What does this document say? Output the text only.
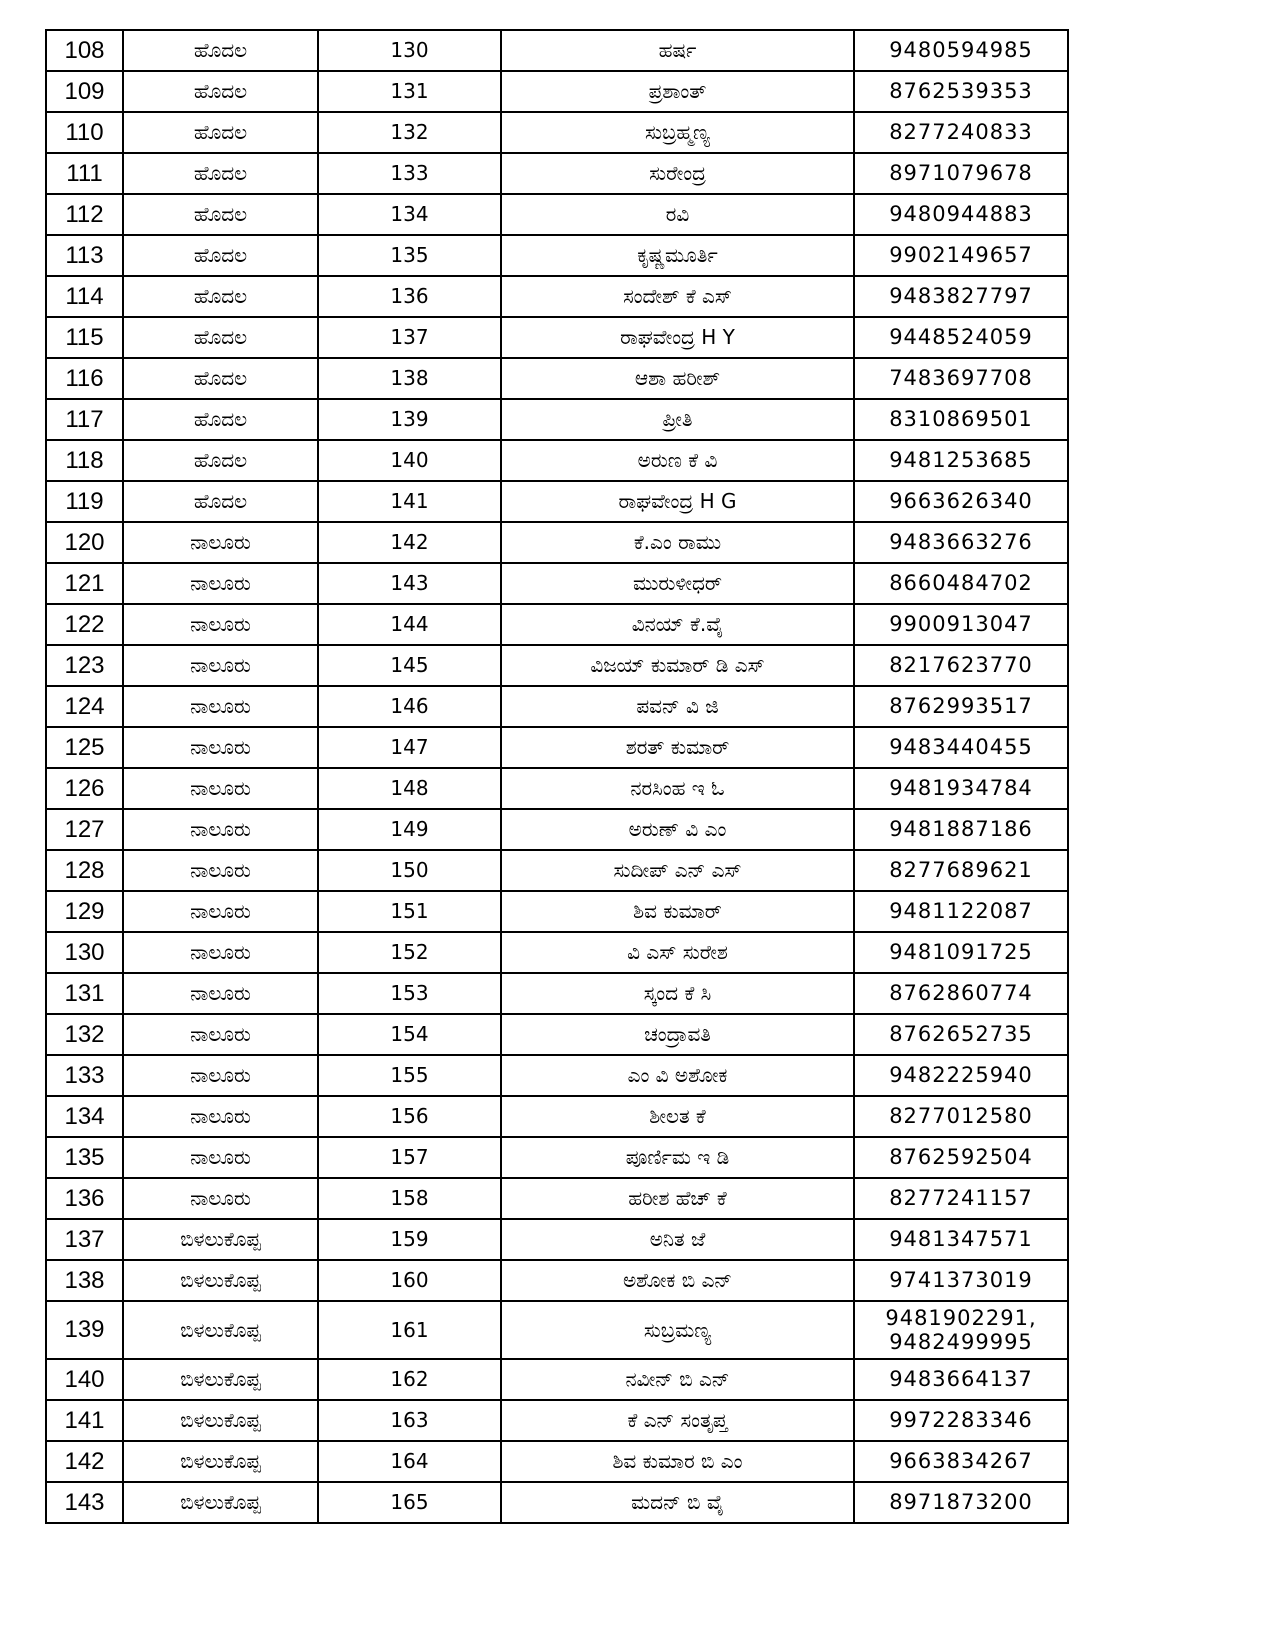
108	ಹೊದಲ	130	ಹರ್ಷ	9480594985

109	ಹೊದಲ	131	ಪ್ರಶಾಂತ್	8762539353

110	ಹೊದಲ	132	ಸುಬ್ರಹ್ಮಣ್ಯ	8277240833

111	ಹೊದಲ	133	ಸುರೇಂದ್ರ	8971079678

112	ಹೊದಲ	134	ರವಿ	9480944883

113	ಹೊದಲ	135	ಕೃಷ್ಣಮೂರ್ತಿ	9902149657

114	ಹೊದಲ	136	ಸಂದೇಶ್ ಕೆ ಎಸ್	9483827797

115	ಹೊದಲ	137	ರಾಘವೇಂದ್ರ H Y	9448524059

116	ಹೊದಲ	138	ಆಶಾ ಹರೀಶ್	7483697708

117	ಹೊದಲ	139	ಪ್ರೀತಿ	8310869501

118	ಹೊದಲ	140	ಅರುಣ ಕೆ ವಿ	9481253685

119	ಹೊದಲ	141	ರಾಘವೇಂದ್ರ H G	9663626340

120	ನಾಲೂರು	142	ಕೆ.ಎಂ ರಾಮು	9483663276

121	ನಾಲೂರು	143	ಮುರುಳೀಧರ್	8660484702

122	ನಾಲೂರು	144	ವಿನಯ್ ಕೆ.ವೈ	9900913047

123	ನಾಲೂರು	145	ವಿಜಯ್ ಕುಮಾರ್ ಡಿ ಎಸ್	8217623770

124	ನಾಲೂರು	146	ಪವನ್ ವಿ ಜಿ	8762993517

125	ನಾಲೂರು	147	ಶರತ್ ಕುಮಾರ್	9483440455

126	ನಾಲೂರು	148	ನರಸಿಂಹ ಇ ಓ	9481934784

127	ನಾಲೂರು	149	ಅರುಣ್ ವಿ ಎಂ	9481887186

128	ನಾಲೂರು	150	ಸುದೀಪ್ ಎನ್ ಎಸ್	8277689621

129	ನಾಲೂರು	151	ಶಿವ ಕುಮಾರ್	9481122087

130	ನಾಲೂರು	152	ವಿ ಎಸ್ ಸುರೇಶ	9481091725

131	ನಾಲೂರು	153	ಸ್ಕಂದ ಕೆ ಸಿ	8762860774

132	ನಾಲೂರು	154	ಚಂದ್ರಾವತಿ	8762652735

133	ನಾಲೂರು	155	ಎಂ ವಿ ಅಶೋಕ	9482225940

134	ನಾಲೂರು	156	ಶೀಲತ ಕೆ	8277012580

135	ನಾಲೂರು	157	ಪೂರ್ಣಿಮ ಇ ಡಿ	8762592504

136	ನಾಲೂರು	158	ಹರೀಶ ಹೆಚ್ ಕೆ	8277241157

137	ಬಿಳಲುಕೊಪ್ಪ	159	ಅನಿತ ಜೆ	9481347571

138	ಬಿಳಲುಕೊಪ್ಪ	160	ಅಶೋಕ ಬಿ ಎನ್	9741373019

139	ಬಿಳಲುಕೊಪ್ಪ	161	ಸುಬ್ರಮಣ್ಯ	9481902291,
9482499995

140	ಬಿಳಲುಕೊಪ್ಪ	162	ನವೀನ್ ಬಿ ಎನ್	9483664137

141	ಬಿಳಲುಕೊಪ್ಪ	163	ಕೆ ಎನ್ ಸಂತೃಪ್ತ	9972283346

142	ಬಿಳಲುಕೊಪ್ಪ	164	ಶಿವ ಕುಮಾರ ಬಿ ಎಂ	9663834267

143	ಬಿಳಲುಕೊಪ್ಪ	165	ಮದನ್ ಬಿ ವೈ	8971873200
